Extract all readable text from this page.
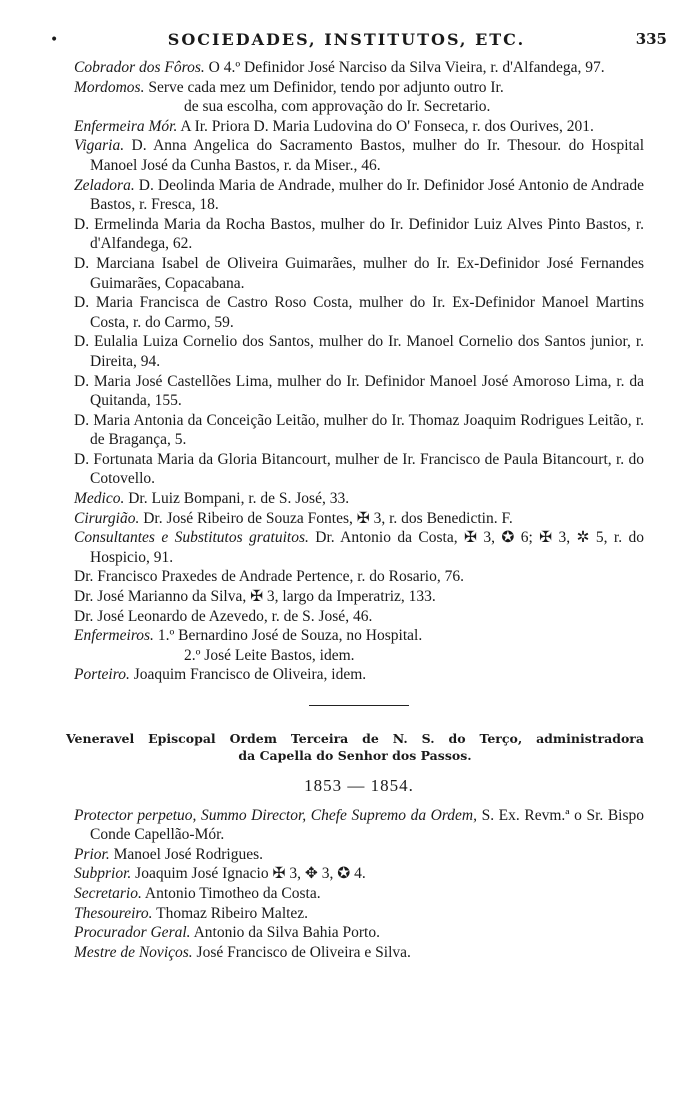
•	SOCIEDADES, INSTITUTOS, ETC.	335
Cobrador dos Fôros. O 4.º Definidor José Narciso da Silva Vieira, r. d'Alfandega, 97.
Mordomos. Serve cada mez um Definidor, tendo por adjunto outro Ir.
de sua escolha, com approvação do Ir. Secretario.
Enfermeira Mór. A Ir. Priora D. Maria Ludovina do O' Fonseca, r. dos Ourives, 201.
Vigaria. D. Anna Angelica do Sacramento Bastos, mulher do Ir. Thesour. do Hospital Manoel José da Cunha Bastos, r. da Miser., 46.
Zeladora. D. Deolinda Maria de Andrade, mulher do Ir. Definidor José Antonio de Andrade Bastos, r. Fresca, 18.
D. Ermelinda Maria da Rocha Bastos, mulher do Ir. Definidor Luiz Alves Pinto Bastos, r. d'Alfandega, 62.
D. Marciana Isabel de Oliveira Guimarães, mulher do Ir. Ex-Definidor José Fernandes Guimarães, Copacabana.
D. Maria Francisca de Castro Roso Costa, mulher do Ir. Ex-Definidor Manoel Martins Costa, r. do Carmo, 59.
D. Eulalia Luiza Cornelio dos Santos, mulher do Ir. Manoel Cornelio dos Santos junior, r. Direita, 94.
D. Maria José Castellões Lima, mulher do Ir. Definidor Manoel José Amoroso Lima, r. da Quitanda, 155.
D. Maria Antonia da Conceição Leitão, mulher do Ir. Thomaz Joaquim Rodrigues Leitão, r. de Bragança, 5.
D. Fortunata Maria da Gloria Bitancourt, mulher de Ir. Francisco de Paula Bitancourt, r. do Cotovello.
Medico. Dr. Luiz Bompani, r. de S. José, 33.
Cirurgião. Dr. José Ribeiro de Souza Fontes, ✠ 3, r. dos Benedictin. F.
Consultantes e Substitutos gratuitos. Dr. Antonio da Costa, ✠ 3, ✪ 6; ✠ 3, ✲ 5, r. do Hospicio, 91.
Dr. Francisco Praxedes de Andrade Pertence, r. do Rosario, 76.
Dr. José Marianno da Silva, ✠ 3, largo da Imperatriz, 133.
Dr. José Leonardo de Azevedo, r. de S. José, 46.
Enfermeiros. 1.º Bernardino José de Souza, no Hospital.
2.º José Leite Bastos, idem.
Porteiro. Joaquim Francisco de Oliveira, idem.
Veneravel Episcopal Ordem Terceira de N. S. do Terço, administradora
da Capella do Senhor dos Passos.
1853 — 1854.
Protector perpetuo, Summo Director, Chefe Supremo da Ordem, S. Ex. Revm.ª o Sr. Bispo Conde Capellão-Mór.
Prior. Manoel José Rodrigues.
Subprior. Joaquim José Ignacio ✠ 3, ✥ 3, ✪ 4.
Secretario. Antonio Timotheo da Costa.
Thesoureiro. Thomaz Ribeiro Maltez.
Procurador Geral. Antonio da Silva Bahia Porto.
Mestre de Noviços. José Francisco de Oliveira e Silva.
